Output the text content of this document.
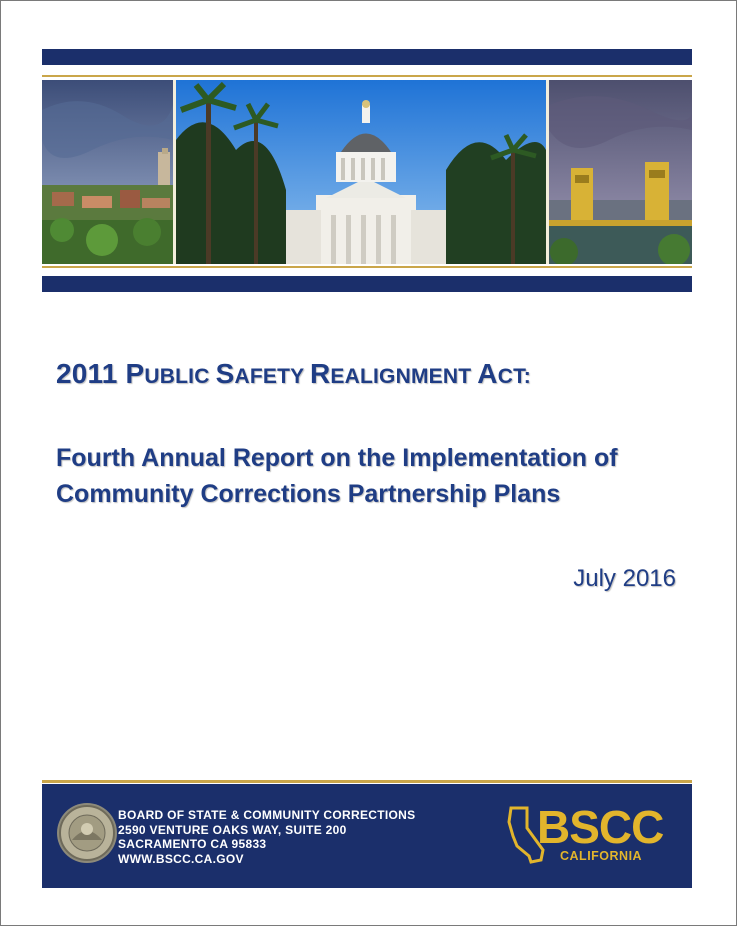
2011 PUBLIC SAFETY REALIGNMENT ACT:
Fourth Annual Report on the Implementation of
Community Corrections Partnership Plans
July 2016
BOARD OF STATE & COMMUNITY CORRECTIONS
2590 VENTURE OAKS WAY, SUITE 200
SACRAMENTO CA 95833
WWW.BSCC.CA.GOV
BSCC
CALIFORNIA
